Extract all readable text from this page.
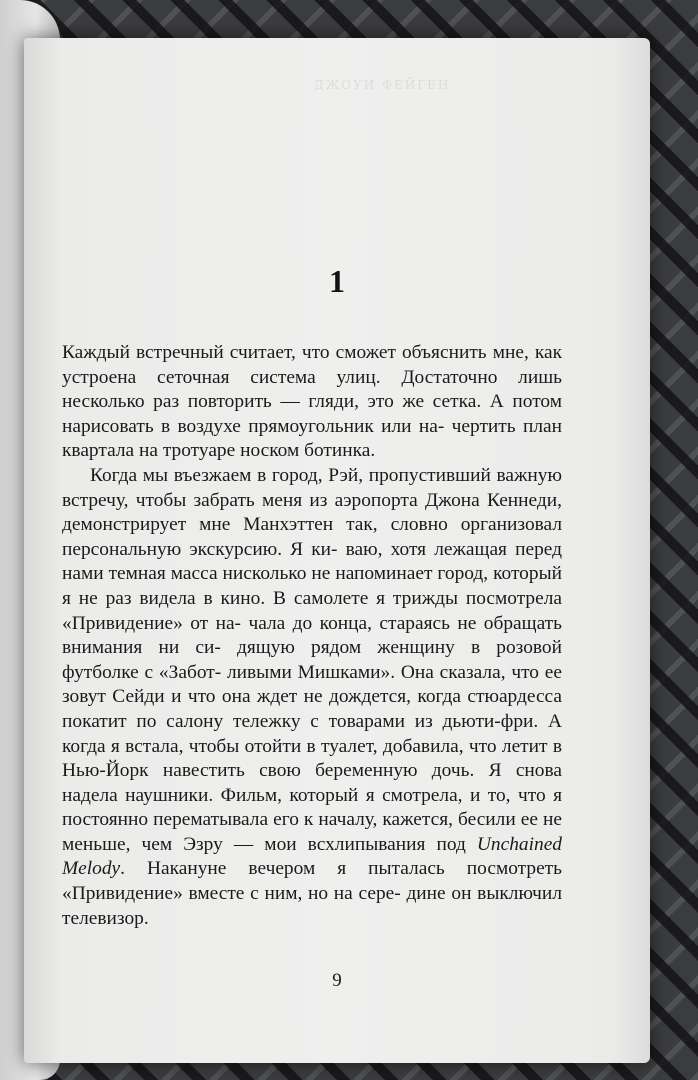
ДЖОУИ ФЕЙГЕН
1

Каждый встречный считает, что сможет объяснить мне, как устроена сеточная система улиц. Достаточно лишь несколько раз повторить — гляди, это же сетка. А потом нарисовать в воздухе прямоугольник или на- чертить план квартала на тротуаре носком ботинка.

Когда мы въезжаем в город, Рэй, пропустивший важную встречу, чтобы забрать меня из аэропорта Джона Кеннеди, демонстрирует мне Манхэттен так, словно организовал персональную экскурсию. Я ки- ваю, хотя лежащая перед нами темная масса нисколько не напоминает город, который я не раз видела в кино. В самолете я трижды посмотрела «Привидение» от на- чала до конца, стараясь не обращать внимания ни си- дящую рядом женщину в розовой футболке с «Забот- ливыми Мишками». Она сказала, что ее зовут Сейди и что она ждет не дождется, когда стюардесса покатит по салону тележку с товарами из дьюти-фри. А когда я встала, чтобы отойти в туалет, добавила, что летит в Нью-Йорк навестить свою беременную дочь. Я снова надела наушники. Фильм, который я смотрела, и то, что я постоянно перематывала его к началу, кажется, бесили ее не меньше, чем Эзру — мои всхлипывания под Unchained Melody. Накануне вечером я пыталась посмотреть «Привидение» вместе с ним, но на сере- дине он выключил телевизор.

9
